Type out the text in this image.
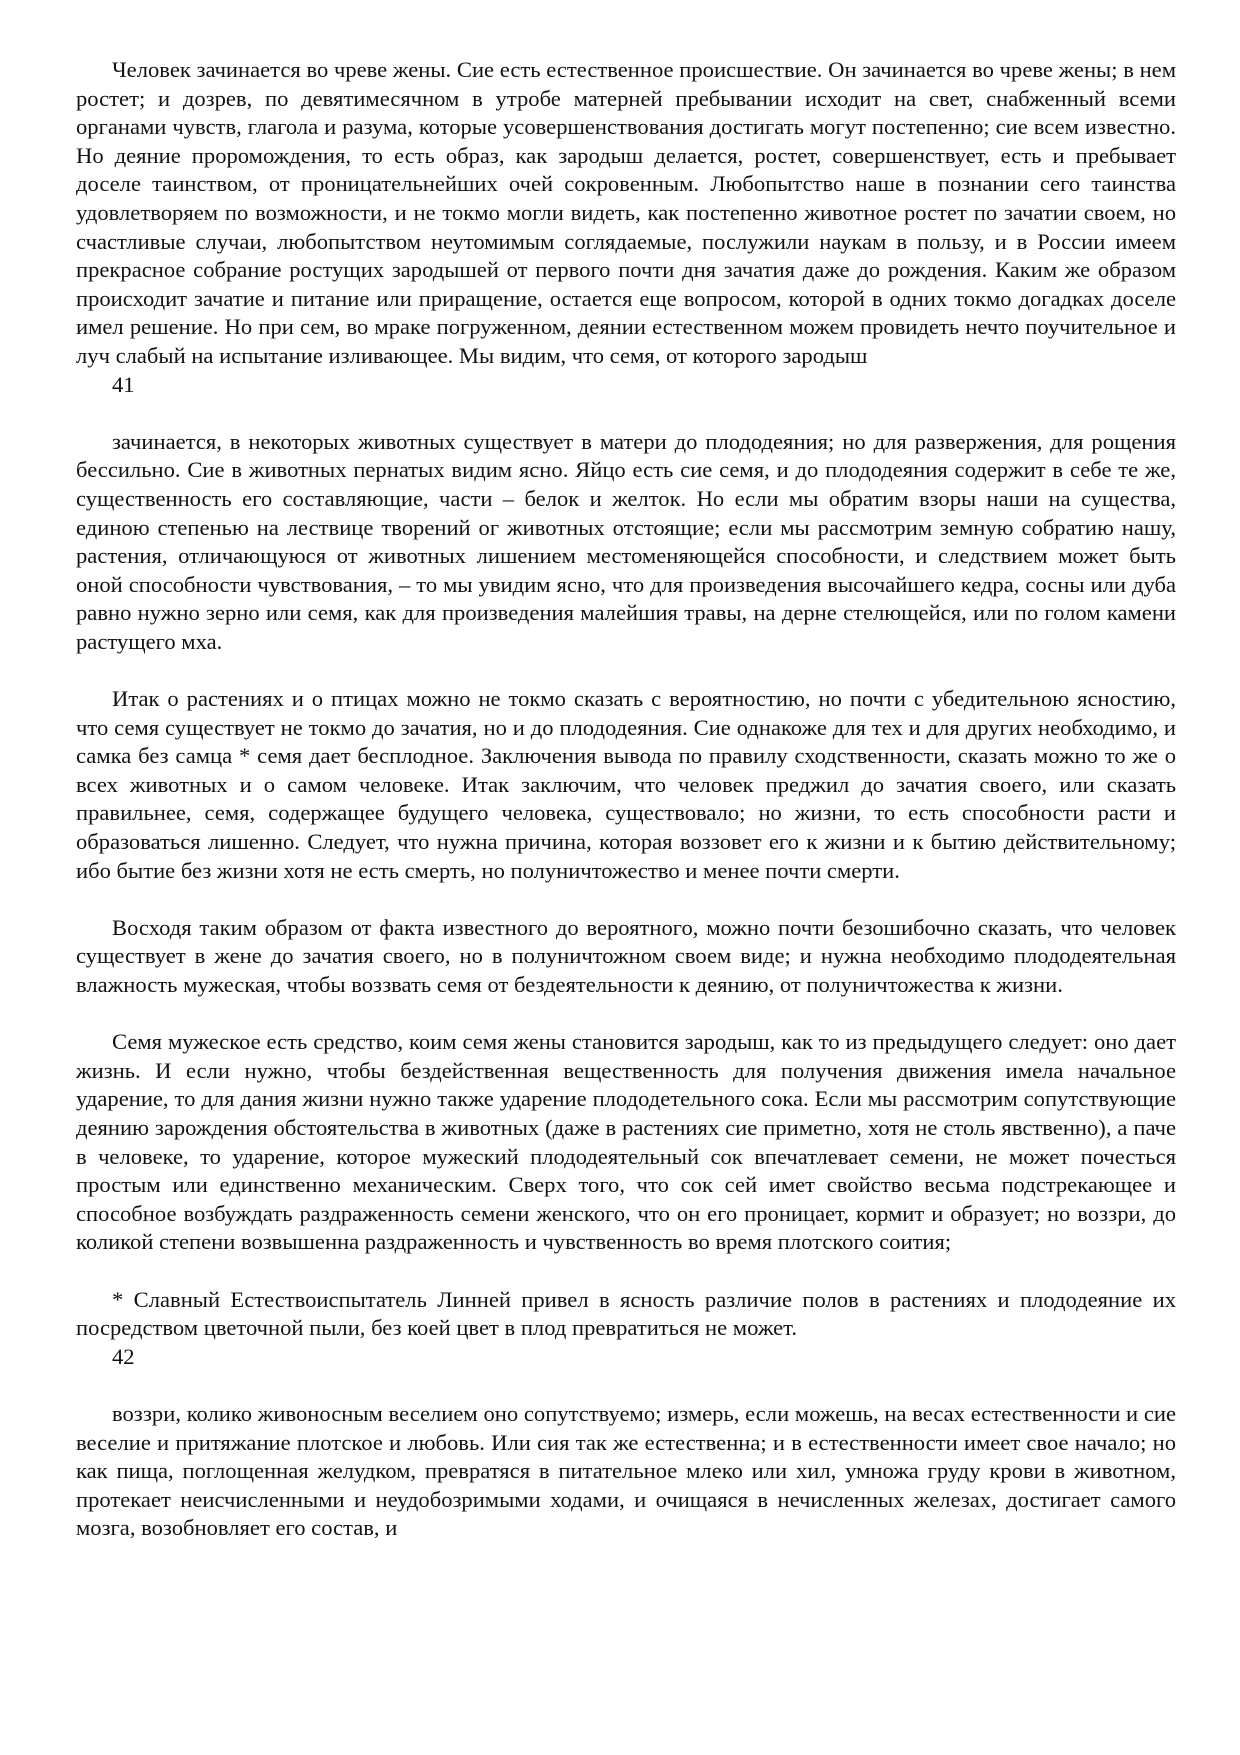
Человек зачинается во чреве жены. Сие есть естественное происшествие. Он зачинается во чреве жены; в нем ростет; и дозрев, по девятимесячном в утробе матерней пребывании исходит на свет, снабженный всеми органами чувств, глагола и разума, которые усовершенствования достигать могут постепенно; сие всем известно. Но деяние проромождения, то есть образ, как зародыш делается, ростет, совершенствует, есть и пребывает доселе таинством, от проницательнейших очей сокровенным. Любопытство наше в познании сего таинства удовлетворяем по возможности, и не токмо могли видеть, как постепенно животное ростет по зачатии своем, но счастливые случаи, любопытством неутомимым соглядаемые, послужили наукам в пользу, и в России имеем прекрасное собрание ростущих зародышей от первого почти дня зачатия даже до рождения. Каким же образом происходит зачатие и питание или приращение, остается еще вопросом, которой в одних токмо догадках доселе имел решение. Но при сем, во мраке погруженном, деянии естественном можем провидеть нечто поучительное и луч слабый на испытание изливающее. Мы видим, что семя, от которого зародыш

41

зачинается, в некоторых животных существует в матери до плододеяния; но для развержения, для рощения бессильно. Сие в животных пернатых видим ясно. Яйцо есть сие семя, и до плододеяния содержит в себе те же, существенность его составляющие, части – белок и желток. Но если мы обратим взоры наши на существа, единою степенью на лествице творений ог животных отстоящие; если мы рассмотрим земную собратию нашу, растения, отличающуюся от животных лишением местоменяющейся способности, и следствием может быть оной способности чувствования, – то мы увидим ясно, что для произведения высочайшего кедра, сосны или дуба равно нужно зерно или семя, как для произведения малейшия травы, на дерне стелющейся, или по голом камени растущего мха.

Итак о растениях и о птицах можно не токмо сказать с вероятностию, но почти с убедительною ясностию, что семя существует не токмо до зачатия, но и до плододеяния. Сие однакоже для тех и для других необходимо, и самка без самца * семя дает бесплодное. Заключения вывода по правилу сходственности, сказать можно то же о всех животных и о самом человеке. Итак заключим, что человек преджил до зачатия своего, или сказать правильнее, семя, содержащее будущего человека, существовало; но жизни, то есть способности расти и образоваться лишенно. Следует, что нужна причина, которая воззовет его к жизни и к бытию действительному; ибо бытие без жизни хотя не есть смерть, но полуничтожество и менее почти смерти.

Восходя таким образом от факта известного до вероятного, можно почти безошибочно сказать, что человек существует в жене до зачатия своего, но в полуничтожном своем виде; и нужна необходимо плододеятельная влажность мужеская, чтобы воззвать семя от бездеятельности к деянию, от полуничтожества к жизни.

Семя мужеское есть средство, коим семя жены становится зародыш, как то из предыдущего следует: оно дает жизнь. И если нужно, чтобы бездейственная вещественность для получения движения имела начальное ударение, то для дания жизни нужно также ударение плододетельного сока. Если мы рассмотрим сопутствующие деянию зарождения обстоятельства в животных (даже в растениях сие приметно, хотя не столь явственно), а паче в человеке, то ударение, которое мужеский плододеятельный сок впечатлевает семени, не может почесться простым или единственно механическим. Сверх того, что сок сей имет свойство весьма подстрекающее и способное возбуждать раздраженность семени женского, что он его проницает, кормит и образует; но воззри, до коликой степени возвышенна раздраженность и чувственность во время плотского соития;

* Славный Естествоиспытатель Линней привел в ясность различие полов в растениях и плододеяние их посредством цветочной пыли, без коей цвет в плод превратиться не может.

42

воззри, колико живоносным веселием оно сопутствуемо; измерь, если можешь, на весах естественности и сие веселие и притяжание плотское и любовь. Или сия так же естественна; и в естественности имеет свое начало; но как пища, поглощенная желудком, превратяся в питательное млеко или хил, умножа груду крови в животном, протекает неисчисленными и неудобозримыми ходами, и очищаяся в нечисленных железах, достигает самого мозга, возобновляет его состав, и
